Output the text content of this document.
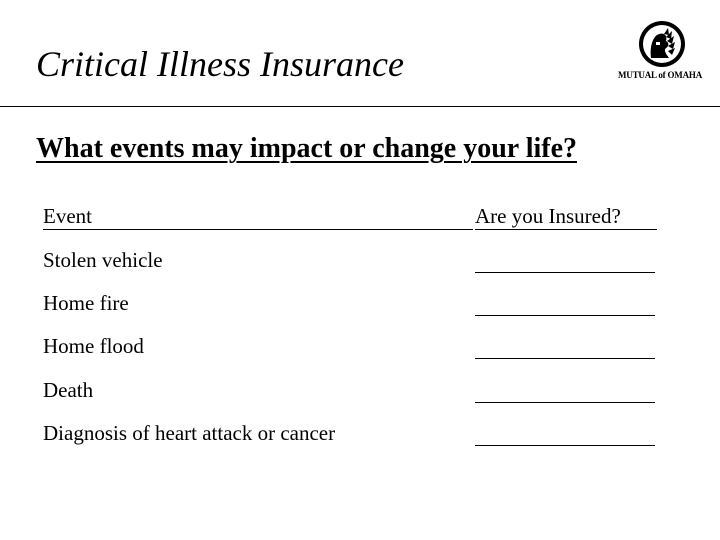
Critical Illness Insurance	MUTUAL of OMAHA
What events may impact or change your life?
Event	Are you Insured?
Stolen vehicle
Home fire
Home flood
Death
Diagnosis of heart attack or cancer
